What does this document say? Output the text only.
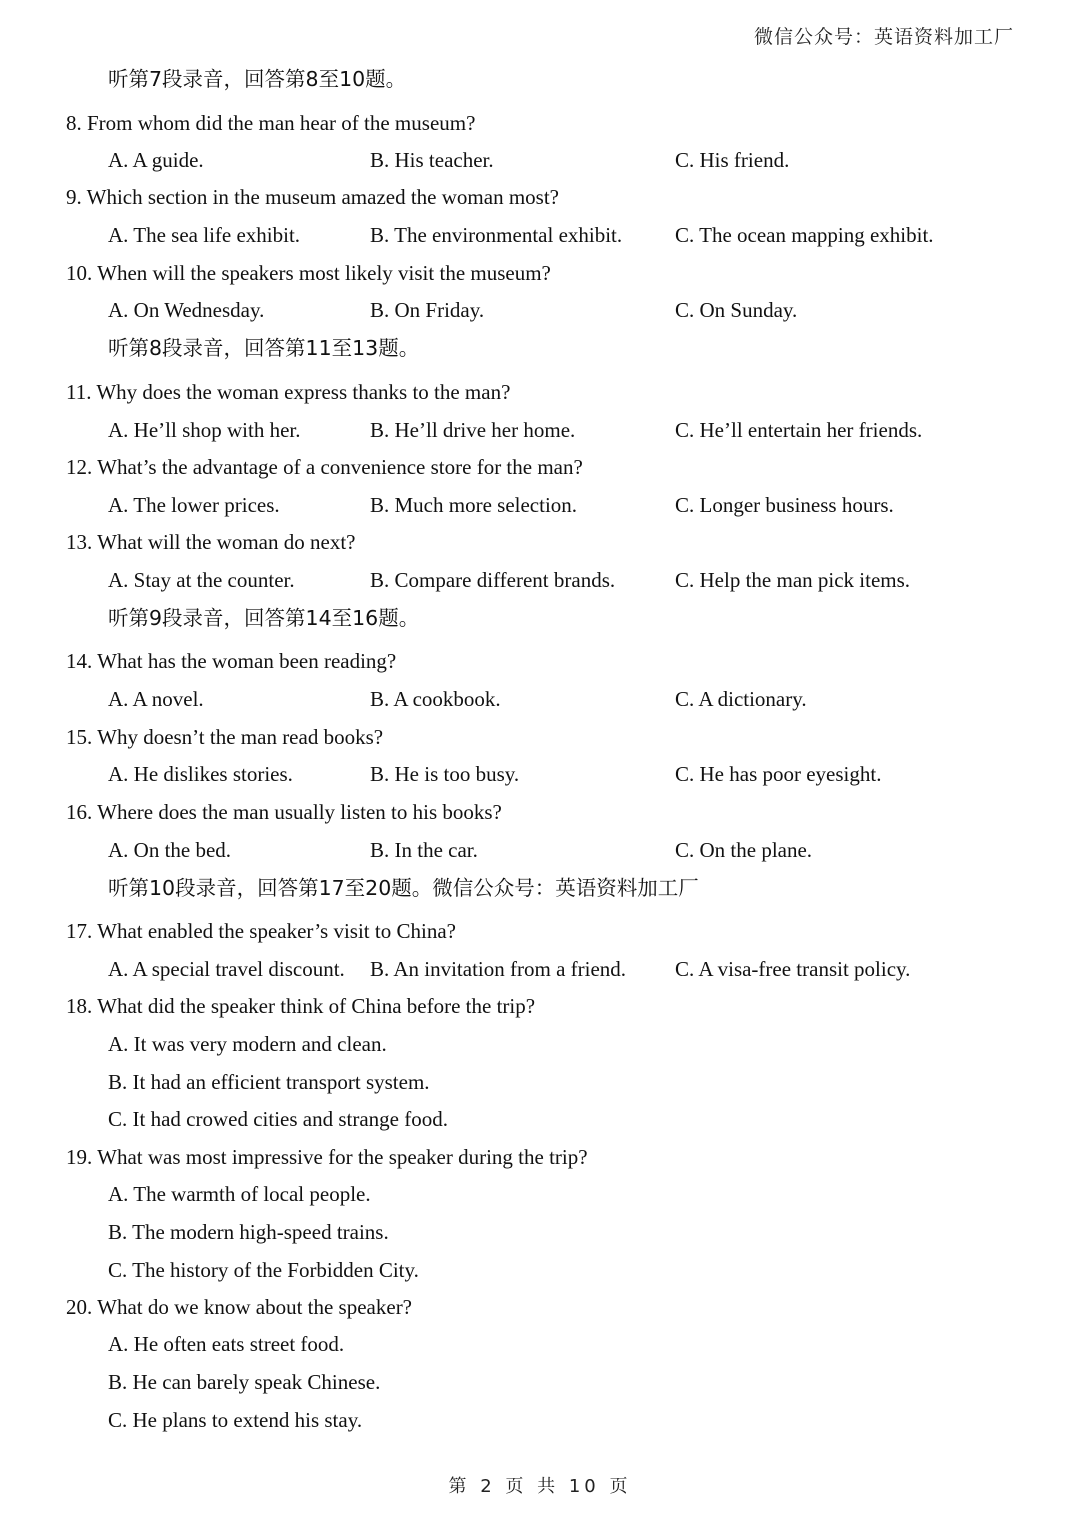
微信公众号：英语资料加工厂
听第7段录音，回答第8至10题。
8. From whom did the man hear of the museum?
A. A guide.	B. His teacher.	C. His friend.
9. Which section in the museum amazed the woman most?
A. The sea life exhibit.	B. The environmental exhibit.	C. The ocean mapping exhibit.
10. When will the speakers most likely visit the museum?
A. On Wednesday.	B. On Friday.	C. On Sunday.
听第8段录音，回答第11至13题。
11. Why does the woman express thanks to the man?
A. He’ll shop with her.	B. He’ll drive her home.	C. He’ll entertain her friends.
12. What’s the advantage of a convenience store for the man?
A. The lower prices.	B. Much more selection.	C. Longer business hours.
13. What will the woman do next?
A. Stay at the counter.	B. Compare different brands.	C. Help the man pick items.
听第9段录音，回答第14至16题。
14. What has the woman been reading?
A. A novel.	B. A cookbook.	C. A dictionary.
15. Why doesn’t the man read books?
A. He dislikes stories.	B. He is too busy.	C. He has poor eyesight.
16. Where does the man usually listen to his books?
A. On the bed.	B. In the car.	C. On the plane.
听第10段录音，回答第17至20题。微信公众号：英语资料加工厂
17. What enabled the speaker’s visit to China?
A. A special travel discount. B. An invitation from a friend. C. A visa-free transit policy.
18. What did the speaker think of China before the trip?
A. It was very modern and clean.
B. It had an efficient transport system.
C. It had crowed cities and strange food.
19. What was most impressive for the speaker during the trip?
A. The warmth of local people.
B. The modern high-speed trains.
C. The history of the Forbidden City.
20. What do we know about the speaker?
A. He often eats street food.
B. He can barely speak Chinese.
C. He plans to extend his stay.
第 2 页 共 10 页
